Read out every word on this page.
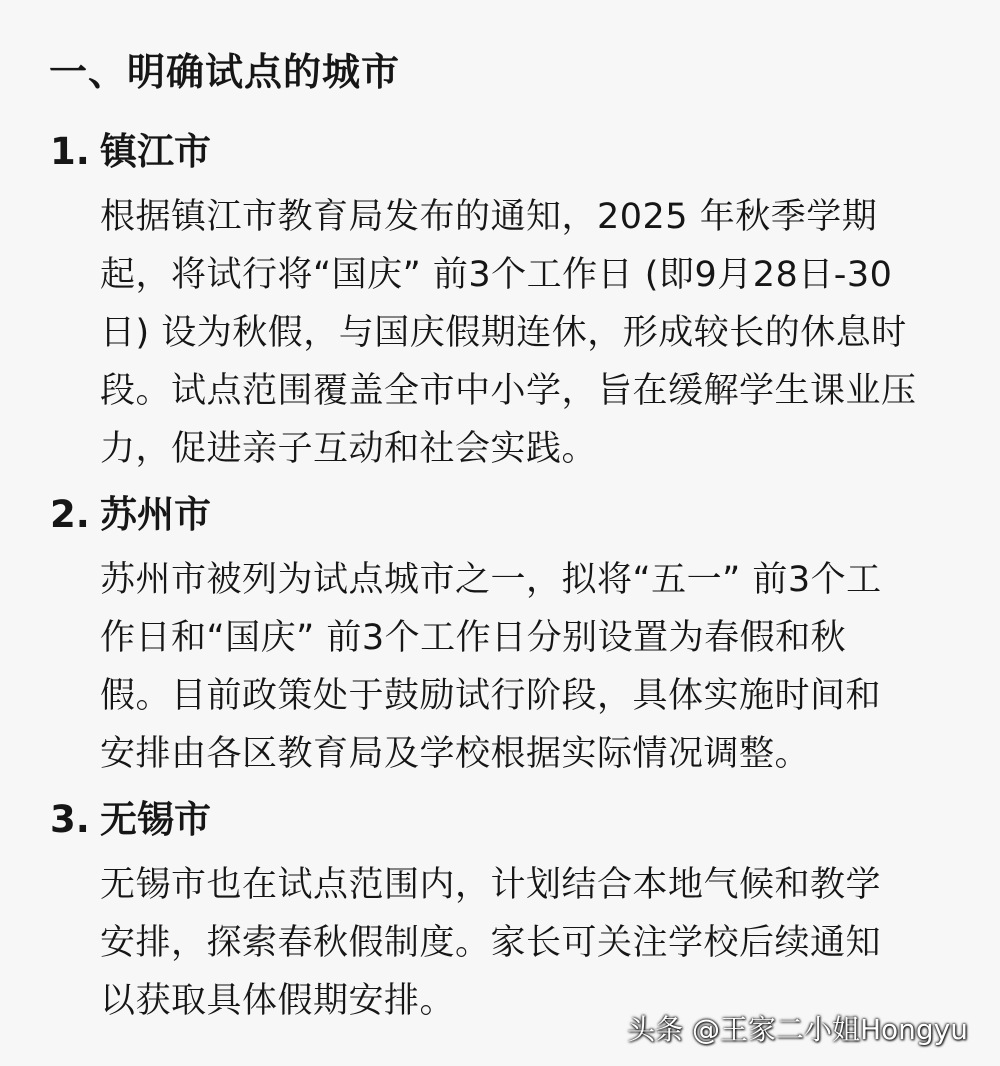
一、明确试点的城市
1. 镇江市
根据镇江市教育局发布的通知，2025 年秋季学期
起，将试行将“国庆” 前3个工作日 (即9月28日-30
日) 设为秋假，与国庆假期连休，形成较长的休息时
段。试点范围覆盖全市中小学，旨在缓解学生课业压
力，促进亲子互动和社会实践。
2. 苏州市
苏州市被列为试点城市之一，拟将“五一” 前3个工
作日和“国庆” 前3个工作日分别设置为春假和秋
假。目前政策处于鼓励试行阶段，具体实施时间和
安排由各区教育局及学校根据实际情况调整。
3. 无锡市
无锡市也在试点范围内，计划结合本地气候和教学
安排，探索春秋假制度。家长可关注学校后续通知
以获取具体假期安排。
头条 @王家二小姐Hongyu
